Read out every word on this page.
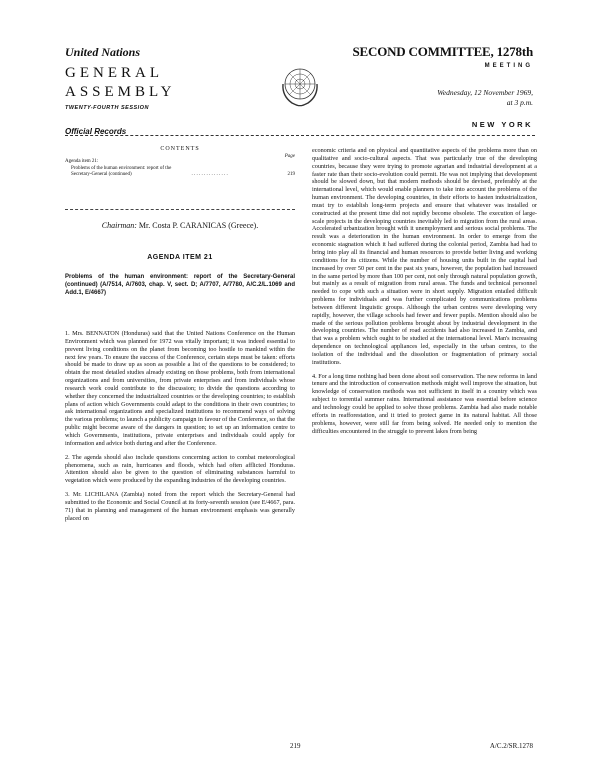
United Nations
GENERAL
ASSEMBLY
TWENTY-FOURTH SESSION
Official Records
SECOND COMMITTEE, 1278th
MEETING
Wednesday, 12 November 1969,
at 3 p.m.
NEW YORK
CONTENTS
Page
Agenda item 21:
Problems of the human environment: report of the
Secretary-General (continued)	. . . . . . . . . . . . . . .	219
Chairman: Mr. Costa P. CARANICAS (Greece).
AGENDA ITEM 21
Problems of the human environment: report of the Secretary-General (continued) (A/7514, A/7603, chap. V, sect. D; A/7707, A/7780, A/C.2/L.1069 and Add.1, E/4667)

1. Mrs. BENNATON (Honduras) said that the United Nations Conference on the Human Environment which was planned for 1972 was vitally important; it was indeed essential to prevent living conditions on the planet from becoming too hostile to mankind within the next few years. To ensure the success of the Conference, certain steps must be taken: efforts should be made to draw up as soon as possible a list of the questions to be considered; to obtain the most detailed studies already existing on those problems, both from international organizations and from universities, from private enterprises and from individuals whose research work could contribute to the discussion; to divide the questions according to whether they concerned the industrialized countries or the developing countries; to establish plans of action which Governments could adapt to the conditions in their own countries; to ask international organizations and specialized institutions to recommend ways of solving the various problems; to launch a publicity campaign in favour of the Conference, so that the public might become aware of the dangers in question; to set up an information centre to which Governments, institutions, private enterprises and individuals could apply for information and advice both during and after the Conference.

2. The agenda should also include questions concerning action to combat meteorological phenomena, such as rain, hurricanes and floods, which had often afflicted Honduras. Attention should also be given to the question of eliminating substances harmful to vegetation which were produced by the expanding industries of the developing countries.

3. Mr. LICHILANA (Zambia) noted from the report which the Secretary-General had submitted to the Economic and Social Council at its forty-seventh session (see E/4667, para. 71) that in planning and management of the human environment emphasis was generally placed on

economic criteria and on physical and quantitative aspects of the problems more than on qualitative and socio-cultural aspects. That was particularly true of the developing countries, because they were trying to promote agrarian and industrial development at a faster rate than their socio-evolution could permit. He was not implying that development should be slowed down, but that modern methods should be devised, preferably at the international level, which would enable planners to take into account the problems of the human environment. The developing countries, in their efforts to hasten industrialization, must try to establish long-term projects and ensure that whatever was installed or constructed at the present time did not rapidly become obsolete. The execution of large-scale projects in the developing countries inevitably led to migration from the rural areas. Accelerated urbanization brought with it unemployment and serious social problems. The result was a deterioration in the human environment. In order to emerge from the economic stagnation which it had suffered during the colonial period, Zambia had had to bring into play all its financial and human resources to provide better living and working conditions for its citizens. While the number of housing units built in the capital had increased by over 50 per cent in the past six years, however, the population had increased in the same period by more than 100 per cent, not only through natural population growth, but mainly as a result of migration from rural areas. The funds and technical personnel needed to cope with such a situation were in short supply. Migration entailed difficult problems for individuals and was further complicated by communications problems between different linguistic groups. Although the urban centres were developing very rapidly, however, the village schools had fewer and fewer pupils. Mention should also be made of the serious pollution problems brought about by industrial development in the developing countries. The number of road accidents had also increased in Zambia, and that was a problem which ought to be studied at the international level. Man's increasing dependence on technological appliances led, especially in the urban centres, to the isolation of the individual and the dissolution or fragmentation of primary social institutions.

4. For a long time nothing had been done about soil conservation. The new reforms in land tenure and the introduction of conservation methods might well improve the situation, but knowledge of conservation methods was not sufficient in itself in a country which was subject to torrential summer rains. International assistance was essential before science and technology could be applied to solve those problems. Zambia had also made notable efforts in reafforestation, and it tried to protect game in its natural habitat. All those problems, however, were still far from being solved. He needed only to mention the difficulties encountered in the struggle to prevent lakes from being

219	A/C.2/SR.1278
